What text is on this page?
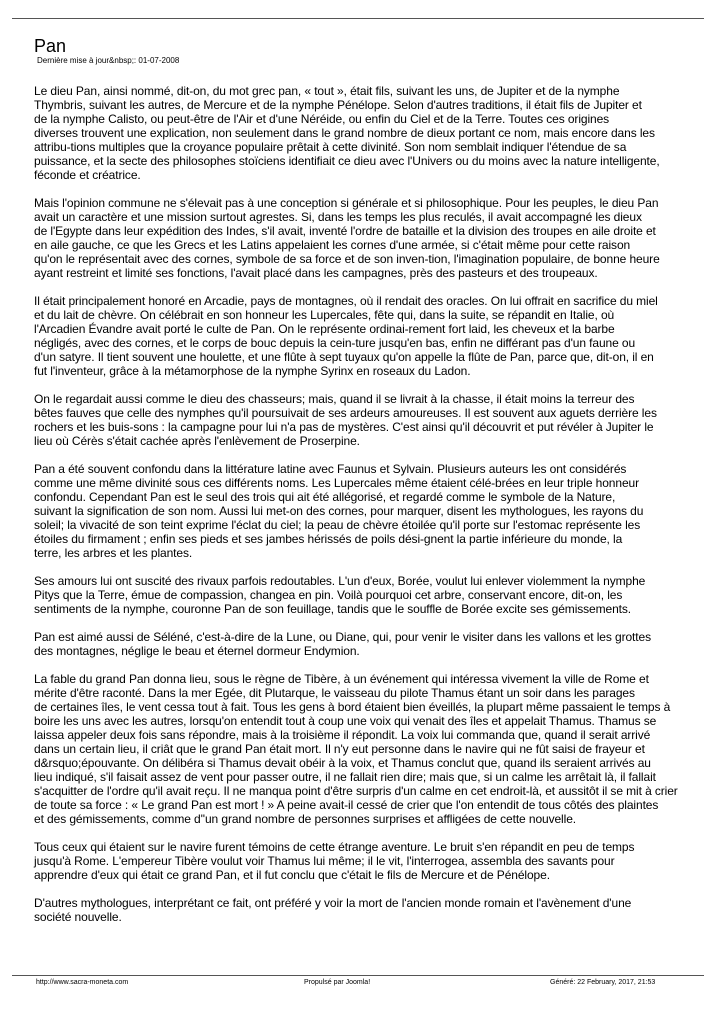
Pan
Dernière mise à jour&nbsp;: 01-07-2008

Le dieu Pan, ainsi nommé, dit-on, du mot grec pan, « tout », était fils, suivant les uns, de Jupiter et de la nymphe
Thymbris, suivant les autres, de Mercure et de la nymphe Pénélope. Selon d'autres traditions, il était fils de Jupiter et
de la nymphe Calisto, ou peut-être de l'Air et d'une Néréide, ou enfin du Ciel et de la Terre. Toutes ces origines
diverses trouvent une explication, non seulement dans le grand nombre de dieux portant ce nom, mais encore dans les
attribu-tions multiples que la croyance populaire prêtait à cette divinité. Son nom semblait indiquer l'étendue de sa
puissance, et la secte des philosophes stoïciens identifiait ce dieu avec l'Univers ou du moins avec la nature intelligente,
féconde et créatrice.

Mais l'opinion commune ne s'élevait pas à une conception si générale et si philosophique. Pour les peuples, le dieu Pan
avait un caractère et une mission surtout agrestes. Si, dans les temps les plus reculés, il avait accompagné les dieux
de l'Egypte dans leur expédition des Indes, s'il avait, inventé l'ordre de bataille et la division des troupes en aile droite et
en aile gauche, ce que les Grecs et les Latins appelaient les cornes d'une armée, si c'était même pour cette raison
qu'on le représentait avec des cornes, symbole de sa force et de son inven-tion, l'imagination populaire, de bonne heure
ayant restreint et limité ses fonctions, l'avait placé dans les campagnes, près des pasteurs et des troupeaux.

Il était principalement honoré en Arcadie, pays de montagnes, où il rendait des oracles. On lui offrait en sacrifice du miel
et du lait de chèvre. On célébrait en son honneur les Lupercales, fête qui, dans la suite, se répandit en Italie, où
l'Arcadien Évandre avait porté le culte de Pan. On le représente ordinai-rement fort laid, les cheveux et la barbe
négligés, avec des cornes, et le corps de bouc depuis la cein-ture jusqu'en bas, enfin ne différant pas d'un faune ou
d'un satyre. Il tient souvent une houlette, et une flûte à sept tuyaux qu'on appelle la flûte de Pan, parce que, dit-on, il en
fut l'inventeur, grâce à la métamorphose de la nymphe Syrinx en roseaux du Ladon.

On le regardait aussi comme le dieu des chasseurs; mais, quand il se livrait à la chasse, il était moins la terreur des
bêtes fauves que celle des nymphes qu'il poursuivait de ses ardeurs amoureuses. Il est souvent aux aguets derrière les
rochers et les buis-sons : la campagne pour lui n'a pas de mystères. C'est ainsi qu'il découvrit et put révéler à Jupiter le
lieu où Cérès s'était cachée après l'enlèvement de Proserpine.

Pan a été souvent confondu dans la littérature latine avec Faunus et Sylvain. Plusieurs auteurs les ont considérés
comme une même divinité sous ces différents noms. Les Lupercales même étaient célé-brées en leur triple honneur
confondu. Cependant Pan est le seul des trois qui ait été allégorisé, et regardé comme le symbole de la Nature,
suivant la signification de son nom. Aussi lui met-on des cornes, pour marquer, disent les mythologues, les rayons du
soleil; la vivacité de son teint exprime l'éclat du ciel; la peau de chèvre étoilée qu'il porte sur l'estomac représente les
étoiles du firmament ; enfin ses pieds et ses jambes hérissés de poils dési-gnent la partie inférieure du monde, la
terre, les arbres et les plantes.

Ses amours lui ont suscité des rivaux parfois redoutables. L'un d'eux, Borée, voulut lui enlever violemment la nymphe
Pitys que la Terre, émue de compassion, changea en pin. Voilà pourquoi cet arbre, conservant encore, dit-on, les
sentiments de la nymphe, couronne Pan de son feuillage, tandis que le souffle de Borée excite ses gémissements.

Pan est aimé aussi de Séléné, c'est-à-dire de la Lune, ou Diane, qui, pour venir le visiter dans les vallons et les grottes
des montagnes, néglige le beau et éternel dormeur Endymion.

La fable du grand Pan donna lieu, sous le règne de Tibère, à un événement qui intéressa vivement la ville de Rome et
mérite d'être raconté. Dans la mer Egée, dit Plutarque, le vaisseau du pilote Thamus étant un soir dans les parages
de certaines îles, le vent cessa tout à fait. Tous les gens à bord étaient bien éveillés, la plupart même passaient le temps à
boire les uns avec les autres, lorsqu'on entendit tout à coup une voix qui venait des îles et appelait Thamus. Thamus se
laissa appeler deux fois sans répondre, mais à la troisième il répondit. La voix lui commanda que, quand il serait arrivé
dans un certain lieu, il criât que le grand Pan était mort. Il n'y eut personne dans le navire qui ne fût saisi de frayeur et
d&rsquo;épouvante. On délibéra si Thamus devait obéir à la voix, et Thamus conclut que, quand ils seraient arrivés au
lieu indiqué, s'il faisait assez de vent pour passer outre, il ne fallait rien dire; mais que, si un calme les arrêtait là, il fallait
s'acquitter de l'ordre qu'il avait reçu. Il ne manqua point d'être surpris d'un calme en cet endroit-là, et aussitôt il se mit à crier
de toute sa force : « Le grand Pan est mort ! » A peine avait-il cessé de crier que l'on entendit de tous côtés des plaintes
et des gémissements, comme d''un grand nombre de personnes surprises et affligées de cette nouvelle.

Tous ceux qui étaient sur le navire furent témoins de cette étrange aventure. Le bruit s'en répandit en peu de temps
jusqu'à Rome. L'empereur Tibère voulut voir Thamus lui même; il le vit, l'interrogea, assembla des savants pour
apprendre d'eux qui était ce grand Pan, et il fut conclu que c'était le fils de Mercure et de Pénélope.

D'autres mythologues, interprétant ce fait, ont préféré y voir la mort de l'ancien monde romain et l'avènement d'une
société nouvelle.

http://www.sacra-moneta.com	Propulsé par Joomla!	Généré: 22 February, 2017, 21:53
